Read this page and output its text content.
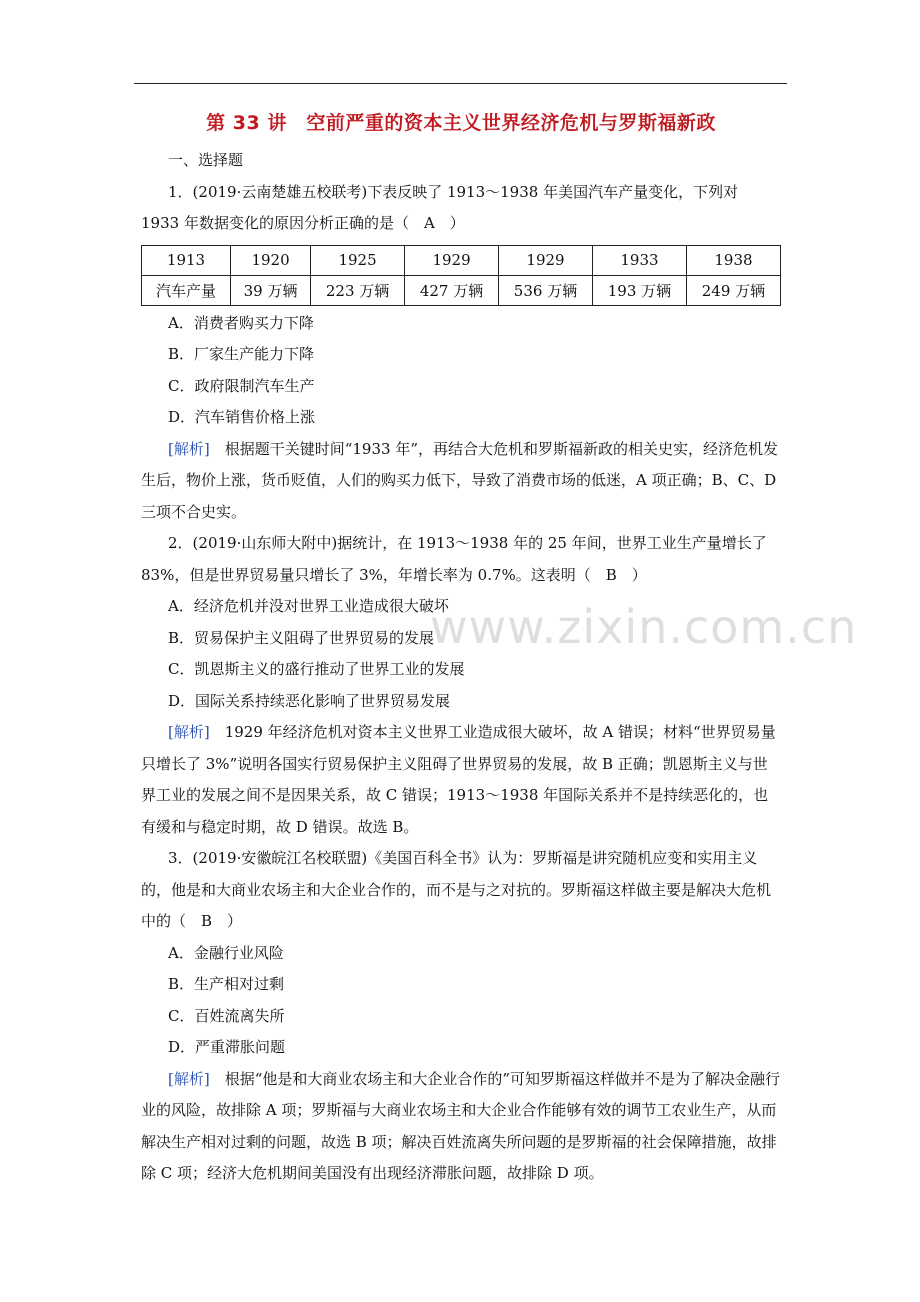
www.zixin.com.cn
第 33 讲　空前严重的资本主义世界经济危机与罗斯福新政

一、选择题

1．(2019·云南楚雄五校联考)下表反映了 1913～1938 年美国汽车产量变化，下列对 1933 年数据变化的原因分析正确的是（　A　）

1913	1920	1925	1929	1929	1933	1938
汽车产量	39 万辆	223 万辆	427 万辆	536 万辆	193 万辆	249 万辆

A．消费者购买力下降

B．厂家生产能力下降

C．政府限制汽车生产

D．汽车销售价格上涨

[解析]　根据题干关键时间“1933 年”，再结合大危机和罗斯福新政的相关史实，经济危机发生后，物价上涨，货币贬值，人们的购买力低下，导致了消费市场的低迷，A 项正确；B、C、D 三项不合史实。

2．(2019·山东师大附中)据统计，在 1913～1938 年的 25 年间，世界工业生产量增长了 83%，但是世界贸易量只增长了 3%，年增长率为 0.7%。这表明（　B　）

A．经济危机并没对世界工业造成很大破坏

B．贸易保护主义阻碍了世界贸易的发展

C．凯恩斯主义的盛行推动了世界工业的发展

D．国际关系持续恶化影响了世界贸易发展

[解析]　1929 年经济危机对资本主义世界工业造成很大破坏，故 A 错误；材料“世界贸易量只增长了 3%”说明各国实行贸易保护主义阻碍了世界贸易的发展，故 B 正确；凯恩斯主义与世界工业的发展之间不是因果关系，故 C 错误；1913～1938 年国际关系并不是持续恶化的，也有缓和与稳定时期，故 D 错误。故选 B。

3．(2019·安徽皖江名校联盟)《美国百科全书》认为：罗斯福是讲究随机应变和实用主义的，他是和大商业农场主和大企业合作的，而不是与之对抗的。罗斯福这样做主要是解决大危机中的（　B　）

A．金融行业风险

B．生产相对过剩

C．百姓流离失所

D．严重滞胀问题

[解析]　根据“他是和大商业农场主和大企业合作的”可知罗斯福这样做并不是为了解决金融行业的风险，故排除 A 项；罗斯福与大商业农场主和大企业合作能够有效的调节工农业生产，从而解决生产相对过剩的问题，故选 B 项；解决百姓流离失所问题的是罗斯福的社会保障措施，故排除 C 项；经济大危机期间美国没有出现经济滞胀问题，故排除 D 项。
